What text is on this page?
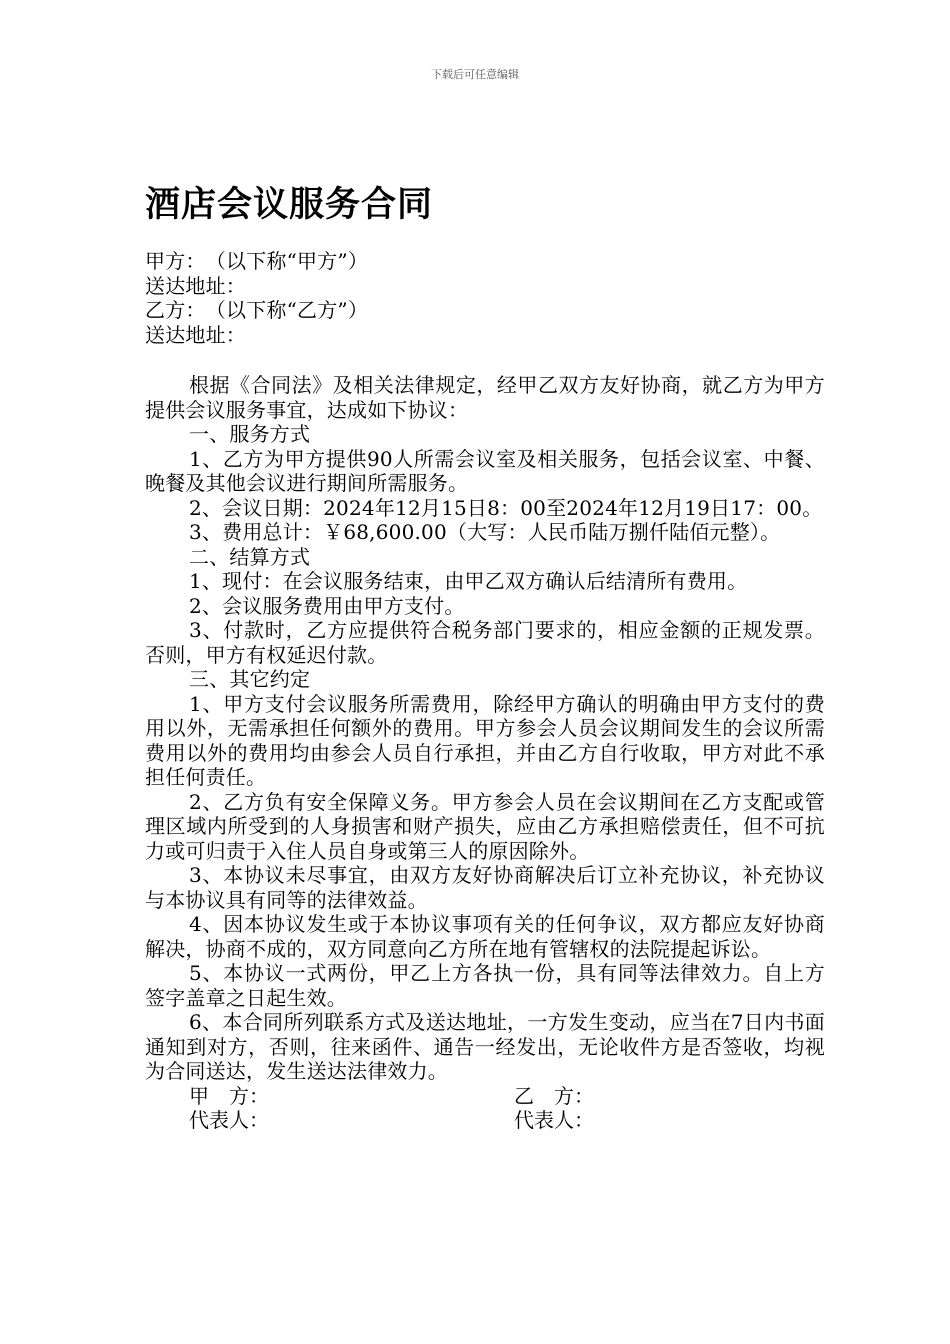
下载后可任意编辑
酒店会议服务合同
甲方：　（以下称“甲方”）
送达地址：
乙方：　（以下称“乙方”）
送达地址：

根据《合同法》及相关法律规定，经甲乙双方友好协商，就乙方为甲方提供会议服务事宜，达成如下协议：

一、服务方式

1、乙方为甲方提供90人所需会议室及相关服务，包括会议室、中餐、晚餐及其他会议进行期间所需服务。

2、会议日期：2024年12月15日8：00至2024年12月19日17：00。

3、费用总计：￥68,600.00（大写：人民币陆万捌仟陆佰元整）。

二、结算方式

1、现付：在会议服务结束，由甲乙双方确认后结清所有费用。

2、会议服务费用由甲方支付。

3、付款时，乙方应提供符合税务部门要求的，相应金额的正规发票。否则，甲方有权延迟付款。

三、其它约定

1、甲方支付会议服务所需费用，除经甲方确认的明确由甲方支付的费用以外，无需承担任何额外的费用。甲方参会人员会议期间发生的会议所需费用以外的费用均由参会人员自行承担，并由乙方自行收取，甲方对此不承担任何责任。

2、乙方负有安全保障义务。甲方参会人员在会议期间在乙方支配或管理区域内所受到的人身损害和财产损失，应由乙方承担赔偿责任，但不可抗力或可归责于入住人员自身或第三人的原因除外。

3、本协议未尽事宜，由双方友好协商解决后订立补充协议，补充协议与本协议具有同等的法律效益。

4、因本协议发生或于本协议事项有关的任何争议，双方都应友好协商解决，协商不成的，双方同意向乙方所在地有管辖权的法院提起诉讼。

5、本协议一式两份，甲乙上方各执一份，具有同等法律效力。自上方签字盖章之日起生效。

6、本合同所列联系方式及送达地址，一方发生变动，应当在7日内书面通知到对方，否则，往来函件、通告一经发出，无论收件方是否签收，均视为合同送达，发生送达法律效力。

甲　方：	乙　方：
代表人：	代表人：
